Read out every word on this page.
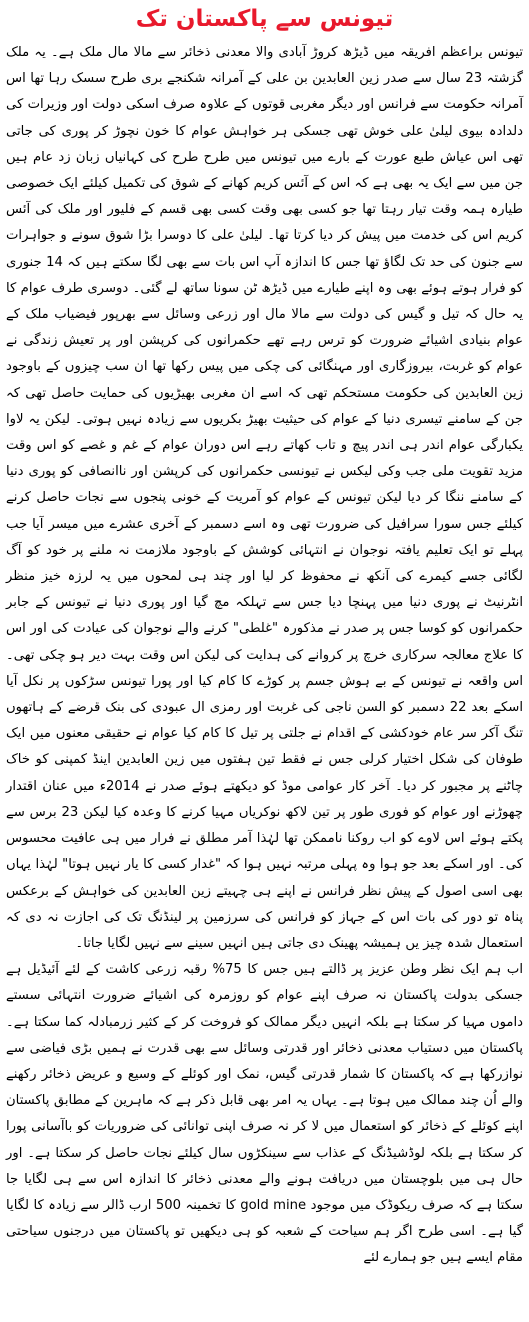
تیونس سے پاکستان تک

تیونس براعظم افریقہ میں ڈیڑھ کروڑ آبادی والا معدنی ذخائر سے مالا مال ملک ہے۔ یہ ملک گزشتہ 23 سال سے صدر زین العابدین بن علی کے آمرانہ شکنجے بری طرح سسک رہا تھا اس آمرانہ حکومت سے فرانس اور دیگر مغربی قوتوں کے علاوہ صرف اسکی دولت اور وزیرات کی دلدادہ بیوی لیلیٰ علی خوش تھی جسکی ہر خواہش عوام کا خون نچوڑ کر پوری کی جاتی تھی اس عیاش طبع عورت کے بارے میں تیونس میں طرح طرح کی کہانیاں زبان زد عام ہیں جن میں سے ایک یہ بھی ہے کہ اس کے آئس کریم کھانے کے شوق کی تکمیل کیلئے ایک خصوصی طیارہ ہمہ وقت تیار رہتا تھا جو کسی بھی وقت کسی بھی قسم کے فلیور اور ملک کی آئس کریم اس کی خدمت میں پیش کر دیا کرتا تھا۔ لیلیٰ علی کا دوسرا بڑا شوق سونے و جواہرات سے جنون کی حد تک لگاؤ تھا جس کا اندازہ آپ اس بات سے بھی لگا سکتے ہیں کہ 14 جنوری کو فرار ہوتے ہوئے بھی وہ اپنے طیارے میں ڈیڑھ ٹن سونا ساتھ لے گئی۔ دوسری طرف عوام کا یہ حال کہ تیل و گیس کی دولت سے مالا مال اور زرعی وسائل سے بھرپور فیضیاب ملک کے عوام بنیادی اشیائے ضرورت کو ترس رہے تھے حکمرانوں کی کرپشن اور پر تعیش زندگی نے عوام کو غربت، بیروزگاری اور مہنگائی کی چکی میں پیس رکھا تھا ان سب چیزوں کے باوجود زین العابدین کی حکومت مستحکم تھی کہ اسے ان مغربی بھیڑیوں کی حمایت حاصل تھی کہ جن کے سامنے تیسری دنیا کے عوام کی حیثیت بھیڑ بکریوں سے زیادہ نہیں ہوتی۔ لیکن یہ لاوا یکبارگی عوام اندر ہی اندر پیچ و تاب کھاتے رہے اس دوران عوام کے غم و غصے کو اس وقت مزید تقویت ملی جب وکی لیکس نے تیونسی حکمرانوں کی کرپشن اور ناانصافی کو پوری دنیا کے سامنے ننگا کر دیا لیکن تیونس کے عوام کو آمریت کے خونی پنجوں سے نجات حاصل کرنے کیلئے جس سورا سرافیل کی ضرورت تھی وہ اسے دسمبر کے آخری عشرے میں میسر آیا جب پہلے تو ایک تعلیم یافتہ نوجوان نے انتہائی کوشش کے باوجود ملازمت نہ ملنے پر خود کو آگ لگائی جسے کیمرے کی آنکھ نے محفوظ کر لیا اور چند ہی لمحوں میں یہ لرزہ خیز منظر انٹرنیٹ نے پوری دنیا میں پہنچا دیا جس سے تہلکہ مچ گیا اور پوری دنیا نے تیونس کے جابر حکمرانوں کو کوسا جس پر صدر نے مذکورہ "غلطی" کرنے والے نوجوان کی عیادت کی اور اس کا علاج معالجہ سرکاری خرچ پر کروانے کی ہدایت کی لیکن اس وقت بہت دیر ہو چکی تھی۔ اس واقعہ نے تیونس کے بے ہوش جسم پر کوڑے کا کام کیا اور پورا تیونس سڑکوں پر نکل آیا اسکے بعد 22 دسمبر کو السن ناجی کی غربت اور رمزی ال عبودی کی بنک قرضے کے ہاتھوں تنگ آکر سر عام خودکشی کے اقدام نے جلتی پر تیل کا کام کیا عوام نے حقیقی معنوں میں ایک طوفان کی شکل اختیار کرلی جس نے فقط تین ہفتوں میں زین العابدین اینڈ کمپنی کو خاک چاٹنے پر مجبور کر دیا۔ آخر کار عوامی موڈ کو دیکھتے ہوئے صدر نے 2014ء میں عنان اقتدار چھوڑنے اور عوام کو فوری طور پر تین لاکھ نوکریاں مہیا کرنے کا وعدہ کیا لیکن 23 برس سے پکتے ہوئے اس لاوے کو اب روکنا ناممکن تھا لہٰذا آمر مطلق نے فرار میں ہی عافیت محسوس کی۔ اور اسکے بعد جو ہوا وہ پہلی مرتبہ نہیں ہوا کہ "غدار کسی کا یار نہیں ہوتا" لہٰذا یہاں بھی اسی اصول کے پیش نظر فرانس نے اپنے ہی چہیتے زین العابدین کی خواہش کے برعکس پناہ تو دور کی بات اس کے جہاز کو فرانس کی سرزمین پر لینڈنگ تک کی اجازت نہ دی کہ استعمال شدہ چیز یں ہمیشہ پھینک دی جاتی ہیں انہیں سینے سے نہیں لگایا جاتا۔

اب ہم ایک نظر وطن عزیز پر ڈالتے ہیں جس کا 75% رقبہ زرعی کاشت کے لئے آئیڈیل ہے جسکی بدولت پاکستان نہ صرف اپنے عوام کو روزمرہ کی اشیائے ضرورت انتہائی سستے داموں مہیا کر سکتا ہے بلکہ انہیں دیگر ممالک کو فروخت کر کے کثیر زرمبادلہ کما سکتا ہے۔ پاکستان میں دستیاب معدنی ذخائر اور قدرتی وسائل سے بھی قدرت نے ہمیں بڑی فیاضی سے نوازرکھا ہے کہ پاکستان کا شمار قدرتی گیس، نمک اور کوئلے کے وسیع و عریض ذخائر رکھنے والے اُن چند ممالک میں ہوتا ہے۔ یہاں یہ امر بھی قابل ذکر ہے کہ ماہرین کے مطابق پاکستان اپنے کوئلے کے ذخائر کو استعمال میں لا کر نہ صرف اپنی توانائی کی ضروریات کو باآسانی پورا کر سکتا ہے بلکہ لوڈشیڈنگ کے عذاب سے سینکڑوں سال کیلئے نجات حاصل کر سکتا ہے۔ اور حال ہی میں بلوچستان میں دریافت ہونے والے معدنی ذخائر کا اندازہ اس سے ہی لگایا جا سکتا ہے کہ صرف ریکوڈک میں موجود gold mine کا تخمینہ 500 ارب ڈالر سے زیادہ کا لگایا گیا ہے۔ اسی طرح اگر ہم سیاحت کے شعبہ کو ہی دیکھیں تو پاکستان میں درجنوں سیاحتی مقام ایسے ہیں جو ہمارے لئے
